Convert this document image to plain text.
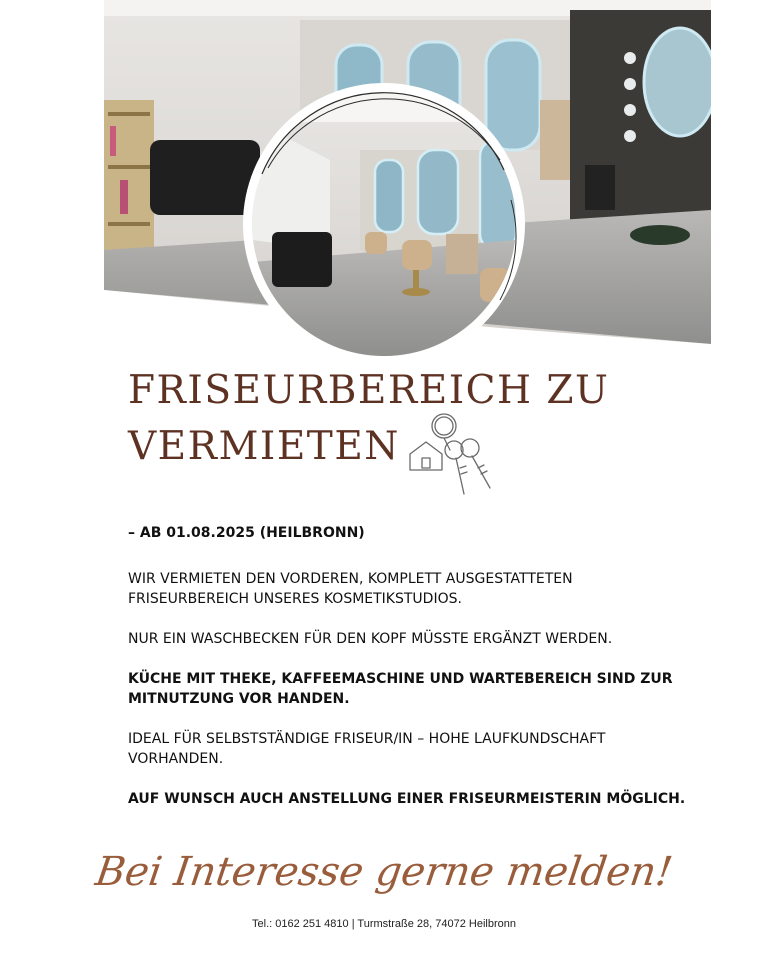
FRISEURBEREICH ZU
VERMIETEN

– AB 01.08.2025 (HEILBRONN)

WIR VERMIETEN DEN VORDEREN, KOMPLETT AUSGESTATTETEN FRISEURBEREICH UNSERES KOSMETIKSTUDIOS.

NUR EIN WASCHBECKEN FÜR DEN KOPF MÜSSTE ERGÄNZT WERDEN.

KÜCHE MIT THEKE, KAFFEEMASCHINE UND WARTEBEREICH SIND ZUR MITNUTZUNG VOR HANDEN.

IDEAL FÜR SELBSTSTÄNDIGE FRISEUR/IN – HOHE LAUFKUNDSCHAFT VORHANDEN.

AUF WUNSCH AUCH ANSTELLUNG EINER FRISEURMEISTERIN MÖGLICH.

Bei Interesse gerne melden!
Tel.: 0162 251 4810 | Turmstraße 28, 74072 Heilbronn
